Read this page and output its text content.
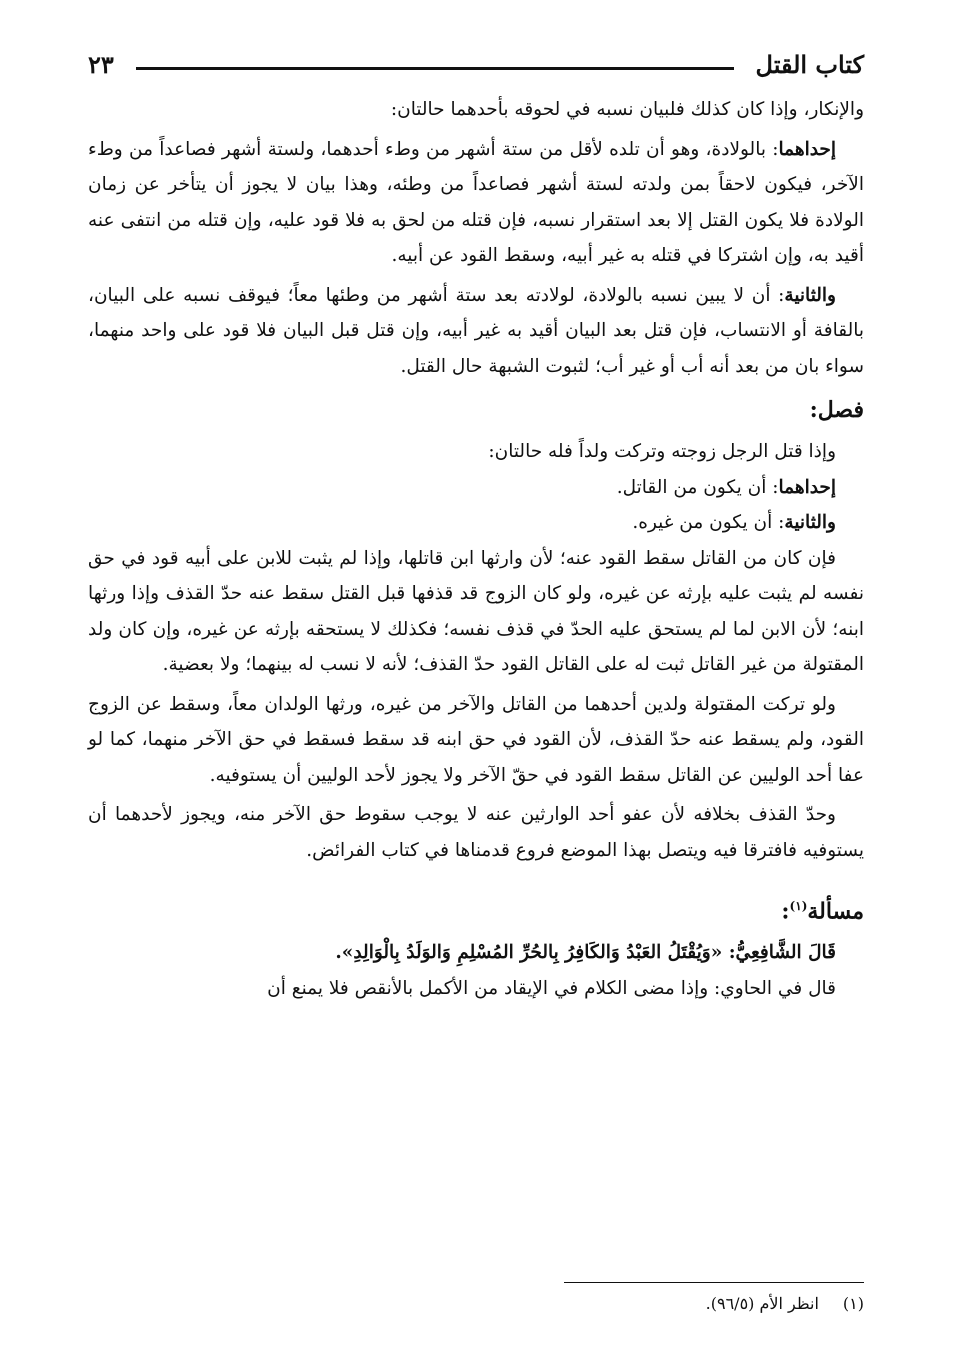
كتاب القتل
٢٣

والإنكار، وإذا كان كذلك فلبيان نسبه في لحوقه بأحدهما حالتان:

إحداهما: بالولادة، وهو أن تلده لأقل من ستة أشهر من وطء أحدهما، ولستة أشهر فصاعداً من وطء الآخر، فيكون لاحقاً بمن ولدته لستة أشهر فصاعداً من وطئه، وهذا بيان لا يجوز أن يتأخر عن زمان الولادة فلا يكون القتل إلا بعد استقرار نسبه، فإن قتله من لحق به فلا قود عليه، وإن قتله من انتفى عنه أقيد به، وإن اشتركا في قتله به غير أبيه، وسقط القود عن أبيه.

والثانية: أن لا يبين نسبه بالولادة، لولادته بعد ستة أشهر من وطئها معاً؛ فيوقف نسبه على البيان، بالقافة أو الانتساب، فإن قتل بعد البيان أقيد به غير أبيه، وإن قتل قبل البيان فلا قود على واحد منهما، سواء بان من بعد أنه أب أو غير أب؛ لثبوت الشبهة حال القتل.

فصل:

وإذا قتل الرجل زوجته وتركت ولداً فله حالتان:

إحداهما: أن يكون من القاتل.

والثانية: أن يكون من غيره.

فإن كان من القاتل سقط القود عنه؛ لأن وارثها ابن قاتلها، وإذا لم يثبت للابن على أبيه قود في حق نفسه لم يثبت عليه بإرثه عن غيره، ولو كان الزوج قد قذفها قبل القتل سقط عنه حدّ القذف وإذا ورثها ابنه؛ لأن الابن لما لم يستحق عليه الحدّ في قذف نفسه؛ فكذلك لا يستحقه بإرثه عن غيره، وإن كان ولد المقتولة من غير القاتل ثبت له على القاتل القود حدّ القذف؛ لأنه لا نسب له بينهما؛ ولا بعضية.

ولو تركت المقتولة ولدين أحدهما من القاتل والآخر من غيره، ورثها الولدان معاً، وسقط عن الزوج القود، ولم يسقط عنه حدّ القذف، لأن القود في حق ابنه قد سقط فسقط في حق الآخر منهما، كما لو عفا أحد الوليين عن القاتل سقط القود في حقّ الآخر ولا يجوز لأحد الوليين أن يستوفيه.

وحدّ القذف بخلافه لأن عفو أحد الوارثين عنه لا يوجب سقوط حق الآخر منه، ويجوز لأحدهما أن يستوفيه فافترقا فيه ويتصل بهذا الموضع فروع قدمناها في كتاب الفرائض.

مسألة$^{(١)}$:

قَالَ الشَّافِعِيُّ: «وَيُقْتَلُ العَبْدُ وَالكَافِرُ بِالحُرِّ المُسْلِمِ وَالوَلَدُ بِالْوَالِدِ».

قال في الحاوي: وإذا مضى الكلام في الإيقاد من الأكمل بالأنقص فلا يمنع أن

(١)
انظر الأم (٩٦/٥).
